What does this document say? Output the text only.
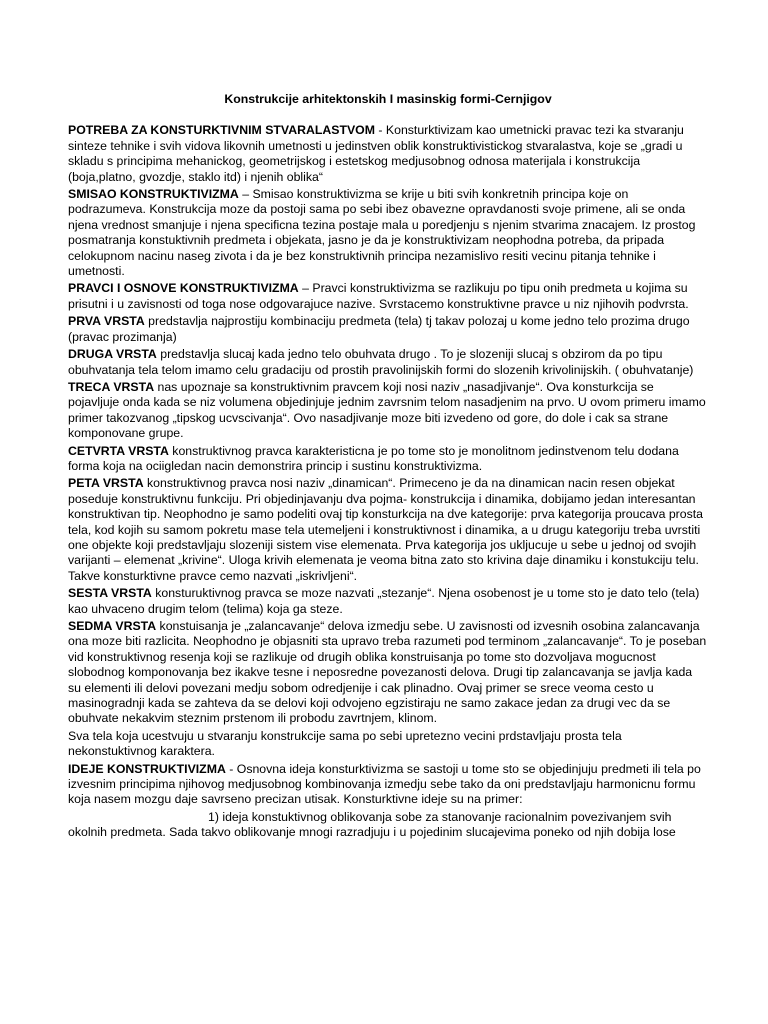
Konstrukcije arhitektonskih I masinskig formi-Cernjigov
POTREBA ZA KONSTURKTIVNIM STVARALASTVOM - Konsturktivizam kao umetnicki pravac tezi ka stvaranju sinteze tehnike i svih vidova likovnih umetnosti u jedinstven oblik konstruktivistickog stvaralastva, koje se „gradi u skladu s principima mehanickog, geometrijskog i estetskog medjusobnog odnosa materijala i konstrukcija (boja,platno, gvozdje, staklo itd) i njenih oblika“
SMISAO KONSTRUKTIVIZMA – Smisao konstruktivizma se krije u biti svih konkretnih principa koje on podrazumeva. Konstrukcija moze da postoji sama po sebi ibez obavezne opravdanosti svoje primene, ali se onda njena vrednost smanjuje i njena specificna tezina postaje mala u poredjenju s njenim stvarima znacajem. Iz prostog posmatranja konstuktivnih predmeta i objekata, jasno je da je konstruktivizam neophodna potreba, da pripada celokupnom nacinu naseg zivota i da je bez konstruktivnih principa nezamislivo resiti vecinu pitanja tehnike i umetnosti.
PRAVCI I OSNOVE KONSTRUKTIVIZMA – Pravci konstruktivizma se razlikuju po tipu onih predmeta u kojima su prisutni i u zavisnosti od toga nose odgovarajuce nazive. Svrstacemo konstruktivne pravce u niz njihovih podvrsta.
PRVA VRSTA predstavlja najprostiju kombinaciju predmeta (tela) tj takav polozaj u kome jedno telo prozima drugo (pravac prozimanja)
DRUGA VRSTA predstavlja slucaj kada jedno telo obuhvata drugo . To je slozeniji slucaj s obzirom da po tipu obuhvatanja tela telom imamo celu gradaciju od prostih pravolinijskih formi do slozenih krivolinijskih. ( obuhvatanje)
TRECA VRSTA nas upoznaje sa konstruktivnim pravcem koji nosi naziv „nasadjivanje“. Ova konsturkcija se pojavljuje onda kada se niz volumena objedinjuje jednim zavrsnim telom nasadjenim na prvo. U ovom primeru imamo primer takozvanog „tipskog ucvscivanja“. Ovo nasadjivanje moze biti izvedeno od gore, do dole i cak sa strane komponovane grupe.
CETVRTA VRSTA konstruktivnog pravca karakteristicna je po tome sto je monolitnom jedinstvenom telu dodana forma koja na ociigledan nacin demonstrira princip i sustinu konstruktivizma.
PETA VRSTA konstruktivnog pravca nosi naziv „dinamican“. Primeceno je da na dinamican nacin resen objekat poseduje konstruktivnu funkciju. Pri objedinjavanju dva pojma- konstrukcija i dinamika, dobijamo jedan interesantan konstruktivan tip. Neophodno je samo podeliti ovaj tip konsturkcija na dve kategorije: prva kategorija proucava prosta tela, kod kojih su samom pokretu mase tela utemeljeni i konstruktivnost i dinamika, a u drugu kategoriju treba uvrstiti one objekte koji predstavljaju slozeniji sistem vise elemenata. Prva kategorija jos ukljucuje u sebe u jednoj od svojih varijanti – elemenat „krivine“. Uloga krivih elemenata je veoma bitna zato sto krivina daje dinamiku i konstukciju telu. Takve konsturktivne pravce cemo nazvati „iskrivljeni“.
SESTA VRSTA konsturuktivnog pravca se moze nazvati „stezanje“. Njena osobenost je u tome sto je dato telo (tela) kao uhvaceno drugim telom (telima) koja ga steze.
SEDMA VRSTA konstuisanja je „zalancavanje“ delova izmedju sebe. U zavisnosti od izvesnih osobina zalancavanja ona moze biti razlicita. Neophodno je objasniti sta upravo treba razumeti pod terminom „zalancavanje“. To je poseban vid konstruktivnog resenja koji se razlikuje od drugih oblika konstruisanja po tome sto dozvoljava mogucnost slobodnog komponovanja bez ikakve tesne i neposredne povezanosti delova. Drugi tip zalancavanja se javlja kada su elementi ili delovi povezani medju sobom odredjenije i cak plinadno. Ovaj primer se srece veoma cesto u masinogradnji kada se zahteva da se delovi koji odvojeno egzistiraju ne samo zakace jedan za drugi vec da se obuhvate nekakvim steznim prstenom ili probodu zavrtnjem, klinom.
Sva tela koja ucestvuju u stvaranju konstrukcije sama po sebi upretezno vecini prdstavljaju prosta tela nekonstuktivnog karaktera.
IDEJE KONSTRUKTIVIZMA - Osnovna ideja konsturktivizma se sastoji u tome sto se objedinjuju predmeti ili tela po izvesnim principima njihovog medjusobnog kombinovanja izmedju sebe tako da oni predstavljaju harmonicnu formu koja nasem mozgu daje savrseno precizan utisak. Konsturktivne ideje su na primer:
1) ideja konstuktivnog oblikovanja sobe za stanovanje racionalnim povezivanjem svih
okolnih predmeta. Sada takvo oblikovanje mnogi razradjuju i u pojedinim slucajevima poneko od njih dobija lose
